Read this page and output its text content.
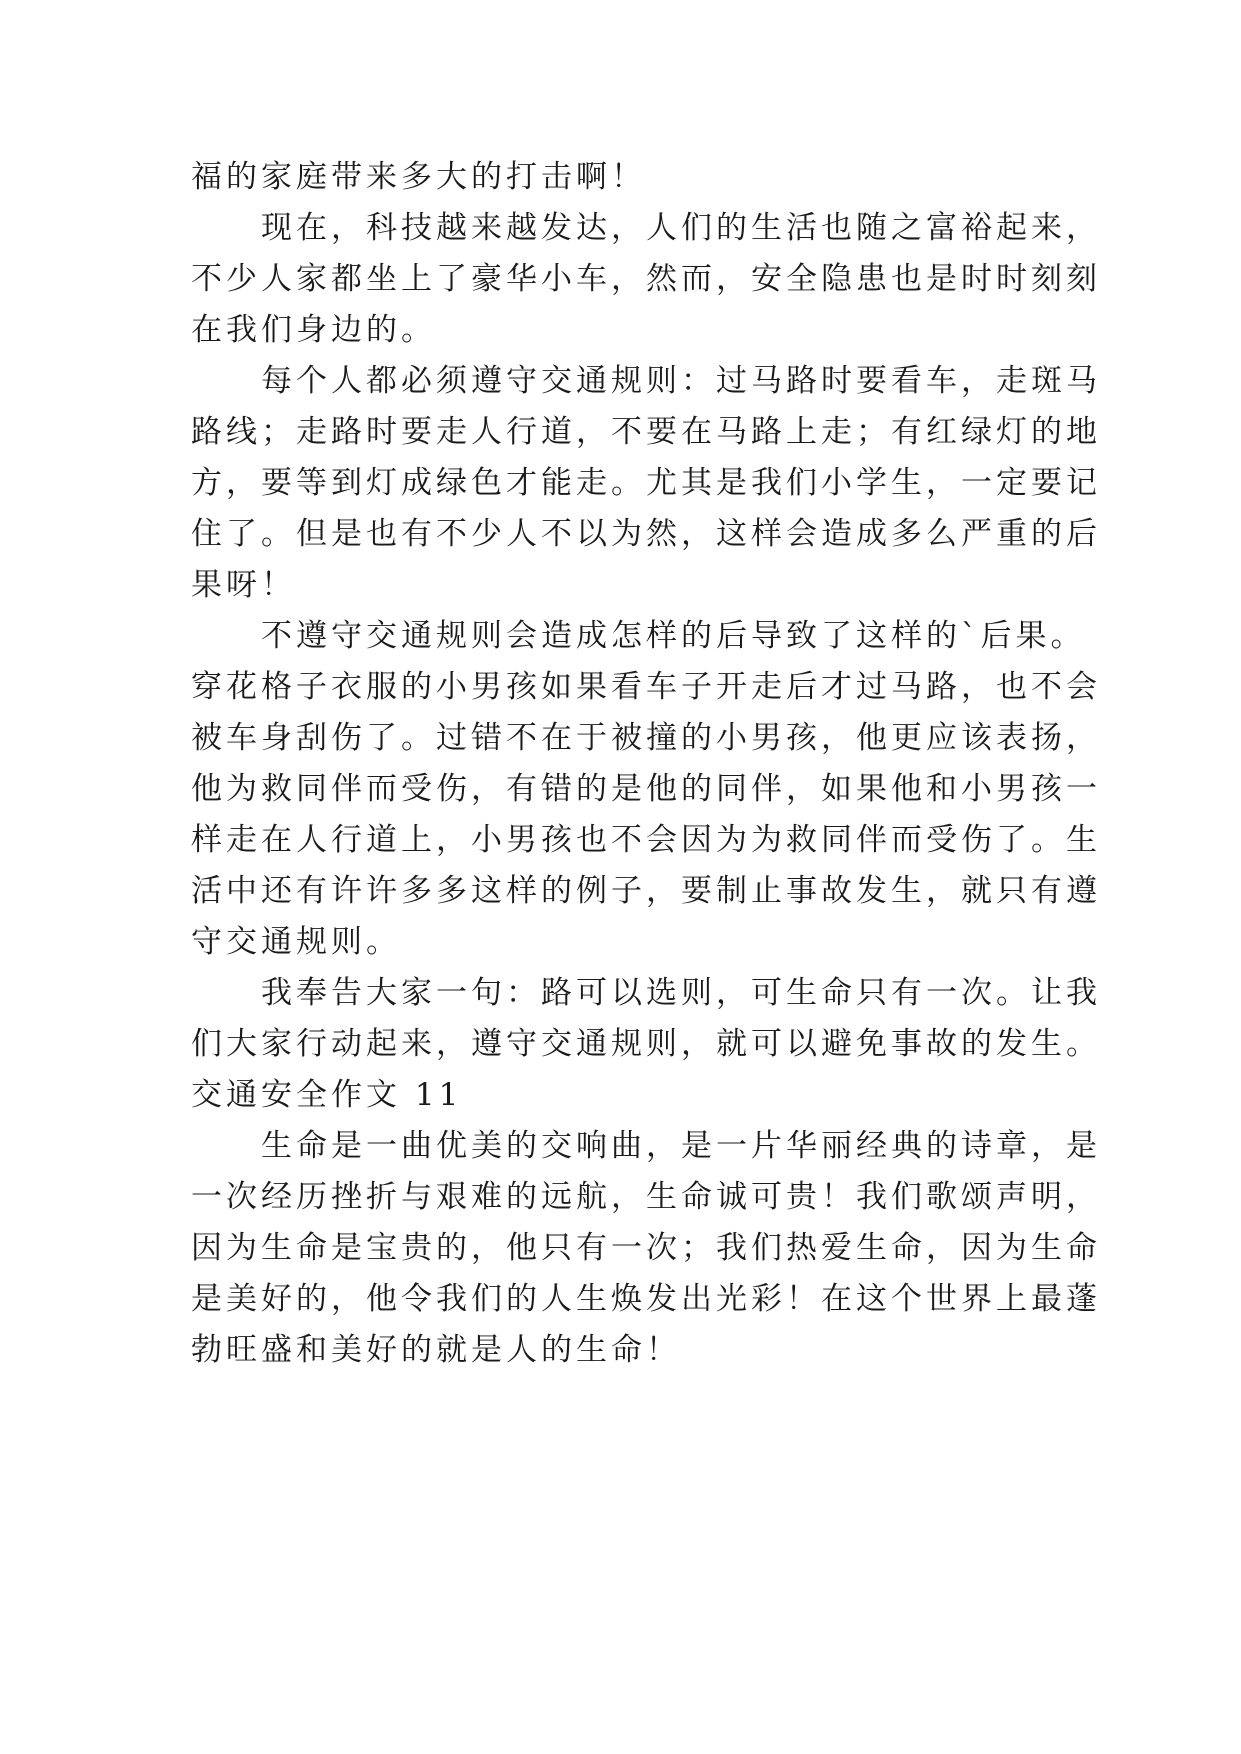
福的家庭带来多大的打击啊！
现在，科技越来越发达，人们的生活也随之富裕起来，
不少人家都坐上了豪华小车，然而，安全隐患也是时时刻刻
在我们身边的。
每个人都必须遵守交通规则：过马路时要看车，走斑马
路线；走路时要走人行道，不要在马路上走；有红绿灯的地
方，要等到灯成绿色才能走。尤其是我们小学生，一定要记
住了。但是也有不少人不以为然，这样会造成多么严重的后
果呀！
不遵守交通规则会造成怎样的后导致了这样的`后果。
穿花格子衣服的小男孩如果看车子开走后才过马路，也不会
被车身刮伤了。过错不在于被撞的小男孩，他更应该表扬，
他为救同伴而受伤，有错的是他的同伴，如果他和小男孩一
样走在人行道上，小男孩也不会因为为救同伴而受伤了。生
活中还有许许多多这样的例子，要制止事故发生，就只有遵
守交通规则。
我奉告大家一句：路可以选则，可生命只有一次。让我
们大家行动起来，遵守交通规则，就可以避免事故的发生。
交通安全作文 11
生命是一曲优美的交响曲，是一片华丽经典的诗章，是
一次经历挫折与艰难的远航，生命诚可贵！我们歌颂声明，
因为生命是宝贵的，他只有一次；我们热爱生命，因为生命
是美好的，他令我们的人生焕发出光彩！在这个世界上最蓬
勃旺盛和美好的就是人的生命！
